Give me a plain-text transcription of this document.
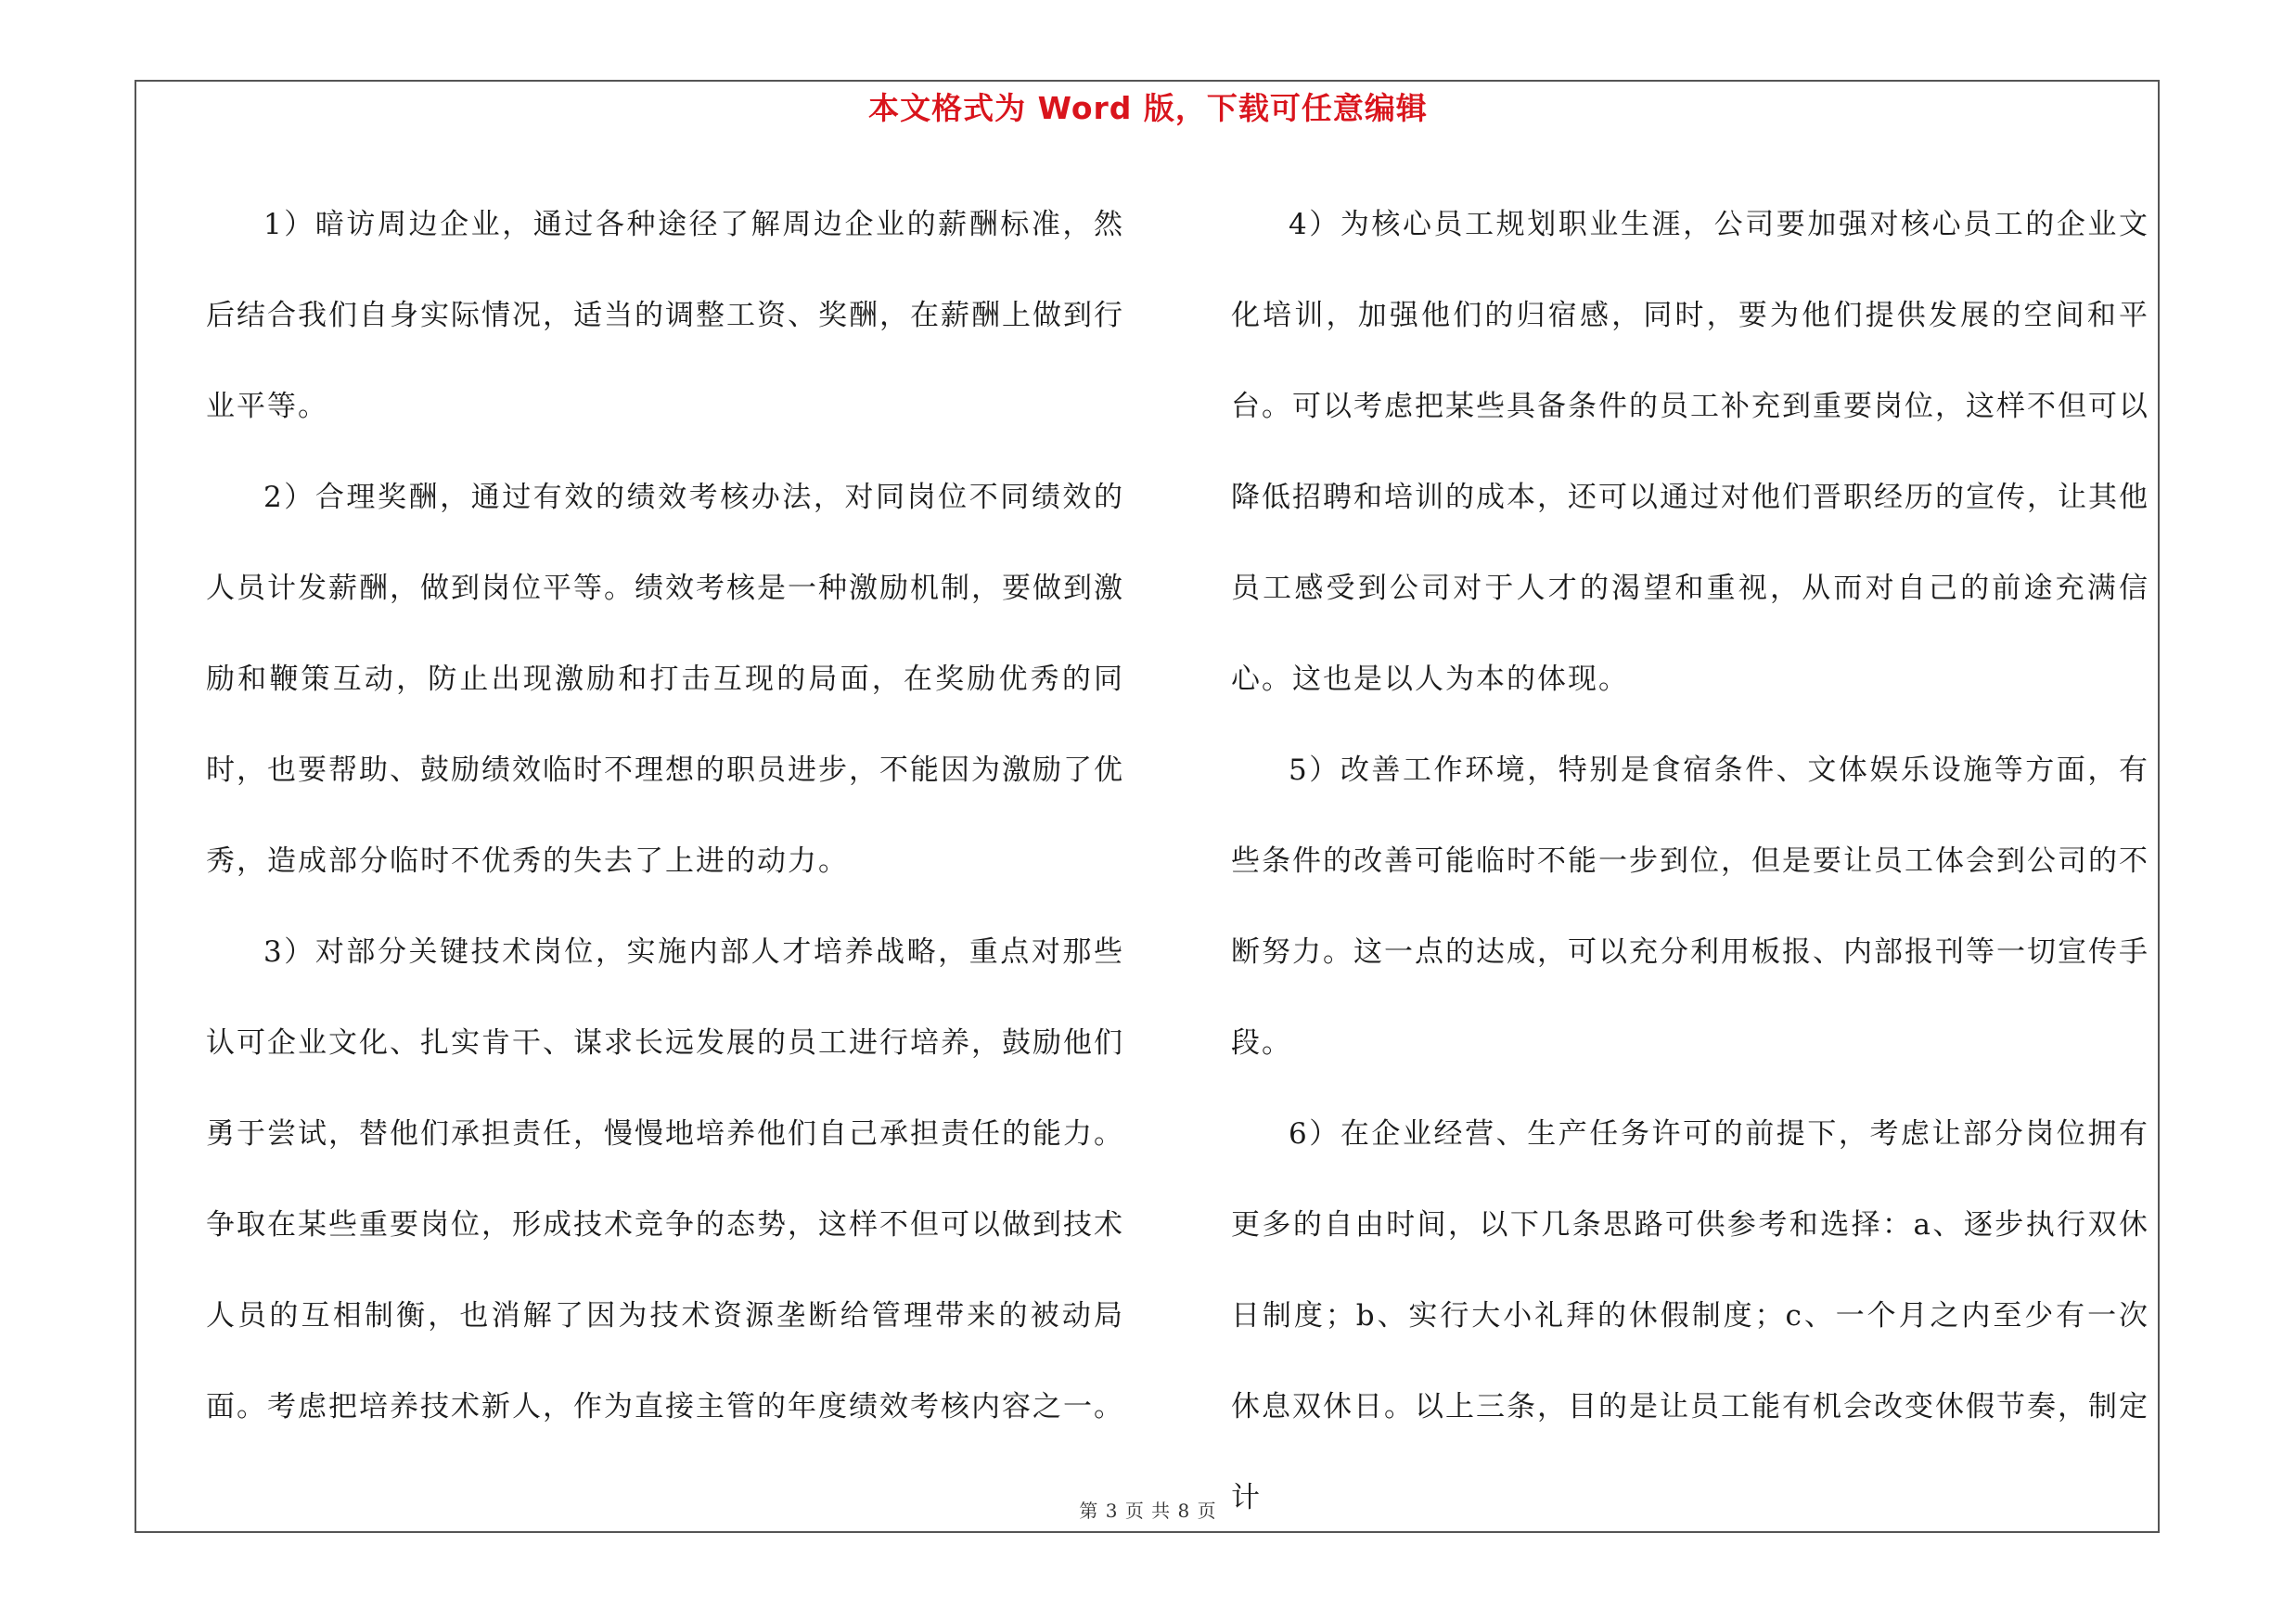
本文格式为 Word 版，下载可任意编辑

1）暗访周边企业，通过各种途径了解周边企业的薪酬标准，然后结合我们自身实际情况，适当的调整工资、奖酬，在薪酬上做到行业平等。

2）合理奖酬，通过有效的绩效考核办法，对同岗位不同绩效的人员计发薪酬，做到岗位平等。绩效考核是一种激励机制，要做到激励和鞭策互动，防止出现激励和打击互现的局面，在奖励优秀的同时，也要帮助、鼓励绩效临时不理想的职员进步，不能因为激励了优秀，造成部分临时不优秀的失去了上进的动力。

3）对部分关键技术岗位，实施内部人才培养战略，重点对那些认可企业文化、扎实肯干、谋求长远发展的员工进行培养，鼓励他们勇于尝试，替他们承担责任，慢慢地培养他们自己承担责任的能力。争取在某些重要岗位，形成技术竞争的态势，这样不但可以做到技术人员的互相制衡，也消解了因为技术资源垄断给管理带来的被动局面。考虑把培养技术新人，作为直接主管的年度绩效考核内容之一。

4）为核心员工规划职业生涯，公司要加强对核心员工的企业文化培训，加强他们的归宿感，同时，要为他们提供发展的空间和平台。可以考虑把某些具备条件的员工补充到重要岗位，这样不但可以降低招聘和培训的成本，还可以通过对他们晋职经历的宣传，让其他员工感受到公司对于人才的渴望和重视，从而对自己的前途充满信心。这也是以人为本的体现。

5）改善工作环境，特别是食宿条件、文体娱乐设施等方面，有些条件的改善可能临时不能一步到位，但是要让员工体会到公司的不断努力。这一点的达成，可以充分利用板报、内部报刊等一切宣传手段。

6）在企业经营、生产任务许可的前提下，考虑让部分岗位拥有更多的自由时间，以下几条思路可供参考和选择：a、逐步执行双休日制度；b、实行大小礼拜的休假制度；c、一个月之内至少有一次休息双休日。以上三条，目的是让员工能有机会改变休假节奏，制定计

第 3 页 共 8 页
